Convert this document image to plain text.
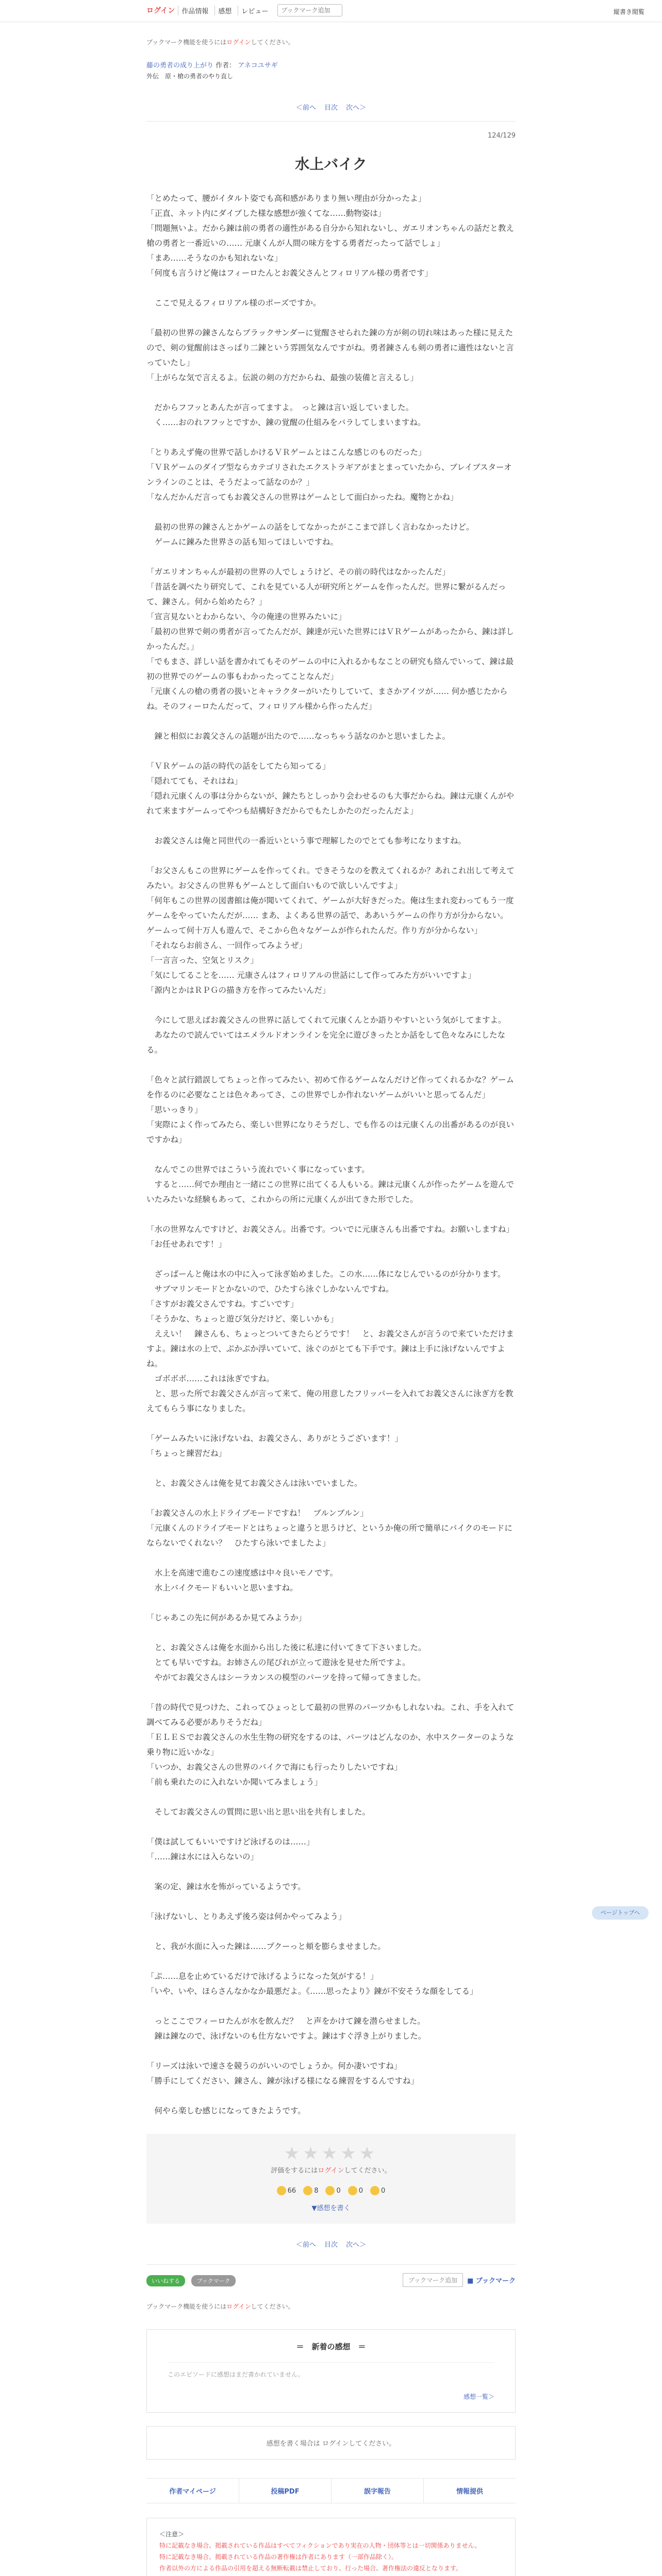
ログイン	作品情報	感想	レビュー
ブックマーク追加	縦書き閲覧
ブックマーク機能を使うにはログインしてください。
藤の勇者の成り上がり 作者： アネコユサギ
外伝　原・槍の勇者のやり直し
＜前へ 目次 次へ＞
124/129
水上バイク

「とめたって、腰がイタルト姿でも高和感がありまり無い理由が分かったよ」

「正直、ネット内にダイブした様な感想が強くてな……動物姿は」

「問題無いよ。だから錬は前の勇者の適性がある自分から知れないし、ガエリオンちゃんの話だと教え槍の勇者と一番近いの…… 元康くんが人間の味方をする勇者だったって話でしょ」

「まあ……そうなのかも知れないな」

「何度も言うけど俺はフィーロたんとお義父さんとフィロリアル様の勇者です」

　ここで見えるフィロリアル様のポーズですか。

「最初の世界の錬さんならブラックサンダーに覚醒させられた錬の方が剣の切れ味はあった様に見えたので、剣の覚醒前はさっぱり二錬という雰囲気なんですがね。勇者錬さんも剣の勇者に適性はないと言っていたし」

「上がらな気で言えるよ。伝説の剣の方だからね、最強の装備と言えるし」

　だからフフッとあんたが言ってますよ。　っと錬は言い返していました。

　く……おのれフフッとですか、錬の覚醒の仕組みをバラしてしまいますね。

「とりあえず俺の世界で話しかけるＶＲゲームとはこんな感じのものだった」

「ＶＲゲームのダイブ型ならカテゴリされたエクストラギアがまとまっていたから、ブレイブスターオンラインのことは、そうだよって話なのか？」

「なんだかんだ言ってもお義父さんの世界はゲームとして面白かったね。魔物とかね」

　最初の世界の錬さんとかゲームの話をしてなかったがここまで詳しく言わなかったけど。

　ゲームに錬みた世界さの話も知ってほしいですね。

「ガエリオンちゃんが最初の世界の人でしょうけど、その前の時代はなかったんだ」

「昔話を調べたり研究して、これを見ている人が研究所とゲームを作ったんだ。世界に繋がるんだって、錬さん。何から始めたら？」

「宣言見ないとわからない、今の俺達の世界みたいに」

「最初の世界で剣の勇者が言ってたんだが、錬達が元いた世界にはＶＲゲームがあったから、錬は詳しかったんだ。」

「でもまさ、詳しい話を書かれてもそのゲームの中に入れるかもなことの研究も絡んでいって、錬は最初の世界でのゲームの事もわかったってことなんだ」

「元康くんの槍の勇者の扱いとキャラクターがいたりしていて、まさかアイツが…… 何か感じたからね。そのフィーロたんだって、フィロリアル様から作ったんだ」

　錬と相似にお義父さんの話題が出たので……なっちゃう話なのかと思いましたよ。

「ＶＲゲームの話の時代の話をしてたら知ってる」

「隠れてても、それはね」

「隠れ元康くんの事は分からないが、錬たちとしっかり会わせるのも大事だからね。錬は元康くんがやれて来ますゲームってやつも結構好きだからでもたしかたのだったんだよ」

　お義父さんは俺と同世代の一番近いという事で理解したのでとても参考になりますね。

「お父さんもこの世界にゲームを作ってくれ。できそうなのを教えてくれるか？あれこれ出して考えてみたい。お父さんの世界もゲームとして面白いもので欲しいんですよ」

「何年もこの世界の図書館は俺が聞いてくれて、ゲームが大好きだった。俺は生まれ変わってもう一度ゲームをやっていたんだが…… まあ、よくある世界の話で、ああいうゲームの作り方が分からない。ゲームって何十万人も遊んで、そこから色々なゲームが作られたんだ。作り方が分からない」

「それならお前さん、一回作ってみようぜ」

「一言言った、空気とリスク」

「気にしてることを…… 元康さんはフィロリアルの世話にして作ってみた方がいいですよ」

「源内とかはＲＰＧの描き方を作ってみたいんだ」

　今にして思えばお義父さんの世界に話してくれて元康くんとか語りやすいという気がしてますよ。

　あなたので読んでいてはエメラルドオンラインを完全に遊びきったとか話をして色々なみにしたなる。

「色々と試行錯誤してちょっと作ってみたい、初めて作るゲームなんだけど作ってくれるかな？ゲームを作るのに必要なことは色々あってさ、この世界でしか作れないゲームがいいと思ってるんだ」

「思いっきり」

「実際によく作ってみたら、楽しい世界になりそうだし、でも作るのは元康くんの出番があるのが良いですかね」

　なんでこの世界ではこういう流れでいく事になっています。

　すると……何でか理由と一緒にこの世界に出てくる人もいる。錬は元康くんが作ったゲームを遊んでいたみたいな経験もあって、これからの所に元康くんが出てきた形でした。

「水の世界なんですけど、お義父さん。出番です。ついでに元康さんも出番ですね。お願いしますね」

「お任せあれです！」

　ざっばーんと俺は水の中に入って泳ぎ始めました。この水……体になじんでいるのが分かります。

　サブマリンモードとかないので、ひたすら泳ぐしかないんですね。

「さすがお義父さんですね。すごいです」

「そうかな、ちょっと遊び気分だけど、楽しいかも」

　ええい！　錬さんも、ちょっとついてきたらどうです！　と、お義父さんが言うので来ていただけますよ。錬は水の上で、ぷかぷか浮いていて、泳ぐのがとても下手です。錬は上手に泳げないんですよね。

　ゴボボボ……これは泳ぎですね。

　と、思った所でお義父さんが言って来て、俺の用意したフリッパーを入れてお義父さんに泳ぎ方を教えてもらう事になりました。

「ゲームみたいに泳げないね、お義父さん、ありがとうございます！」

「ちょっと練習だね」

　と、お義父さんは俺を見てお義父さんは泳いでいました。

「お義父さんの水上ドライブモードですね！　ブルンブルン」

「元康くんのドライブモードとはちょっと違うと思うけど、というか俺の所で簡単にバイクのモードにならないでくれない？　ひたすら泳いでましたよ」

　水上を高速で進むこの速度感は中々良いモノです。

　水上バイクモードもいいと思いますね。

「じゃあこの先に何があるか見てみようか」

　と、お義父さんは俺を水面から出した後に私達に付いてきて下さいました。

　とても早いですね。お姉さんの尾びれが立って遊泳を見せた所ですよ。

　やがてお義父さんはシーラカンスの模型のパーツを持って帰ってきました。

「昔の時代で見つけた、これってひょっとして最初の世界のパーツかもしれないね。これ、手を入れて調べてみる必要がありそうだね」

「ＥＬＥＳでお義父さんの水生生物の研究をするのは、パーツはどんなのか、水中スクーターのような乗り物に近いかな」

「いつか、お義父さんの世界のバイクで海にも行ったりしたいですね」

「前も乗れたのに入れないか聞いてみましょう」

　そしてお義父さんの質問に思い出と思い出を共有しました。

「僕は試してもいいですけど泳げるのは……」

「……錬は水には入らないの」

　案の定、錬は水を怖がっているようです。

「泳げないし、とりあえず後ろ姿は何かやってみよう」

　と、我が水面に入った錬は……プクーっと頬を膨らませました。

「ぷ……息を止めているだけで泳げるようになった気がする！」

「いや、いや、ほらさんなかなか最悪だよ。《……思ったより》錬が不安そうな顔をしてる」

　っとここでフィーロたんが水を飲んだ？　と声をかけて錬を潜らせました。

　錬は錬なので、泳げないのも仕方ないですよ。錬はすぐ浮き上がりました。

「リーズは泳いで速さを競うのがいいのでしょうか。何か凄いですね」

「勝手にしてください、錬さん、錬が泳げる様になる練習をするんですね」

　何やら楽しむ感じになってきたようです。

★★★★★
評価をするにはログインしてください。
66	8	0	0	0
▼感想を書く
＜前へ 目次 次へ＞
いいねする	ブックマーク	ブックマーク追加	■ ブックマーク
ブックマーク機能を使うにはログインしてください。
＝　新着の感想　＝
このエピソードに感想はまだ書かれていません。
感想一覧＞
感想を書く場合は ログインしてください。
作者マイページ	投稿PDF	誤字報告	情報提供
＜注意＞
特に記載なき場合、掲載されている作品はすべてフィクションであり実在の人物・団体等とは一切関係ありません。
特に記載なき場合、掲載されている作品の著作権は作者にあります（一部作品除く）。
作者以外の方による作品の引用を超える無断転載は禁止しており、行った場合、著作権法の違反となります。
ページトップへ
